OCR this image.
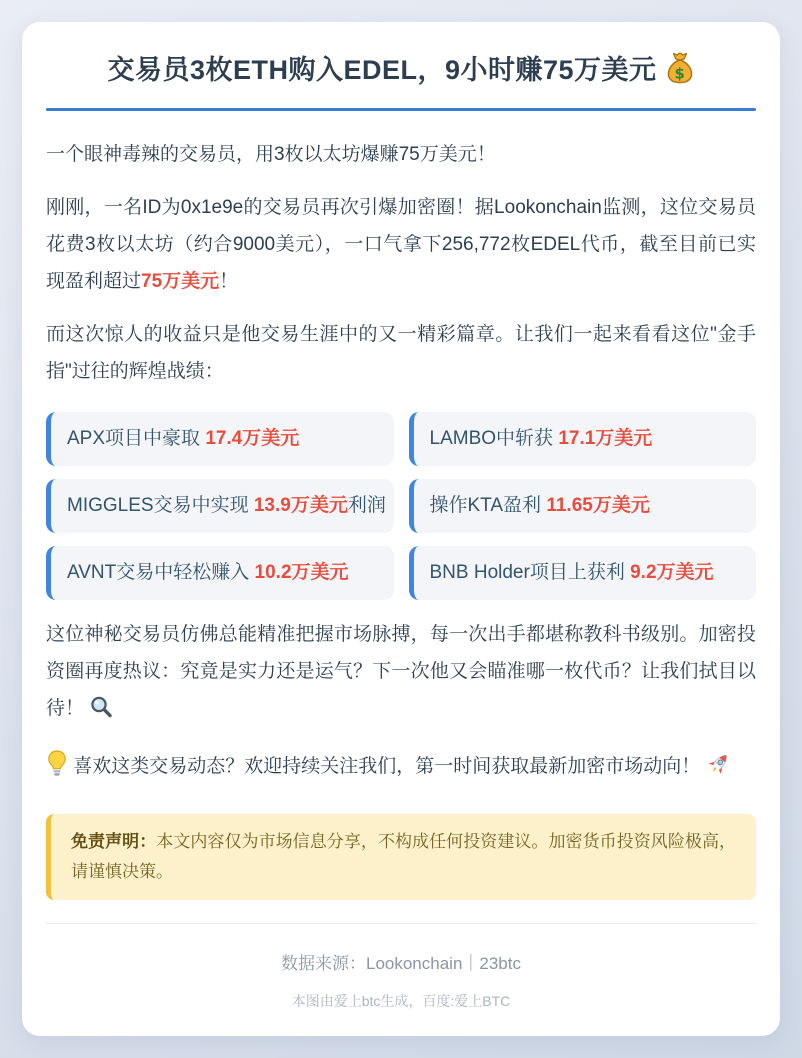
交易员3枚ETH购入EDEL，9小时赚75万美元 $

一个眼神毒辣的交易员，用3枚以太坊爆赚75万美元！

刚刚，一名ID为0x1e9e的交易员再次引爆加密圈！据Lookonchain监测，这位交易员花费3枚以太坊（约合9000美元），一口气拿下256,772枚EDEL代币，截至目前已实现盈利超过75万美元！

而这次惊人的收益只是他交易生涯中的又一精彩篇章。让我们一起来看看这位"金手指"过往的辉煌战绩：

APX项目中豪取 17.4万美元	LAMBO中斩获 17.1万美元
MIGGLES交易中实现 13.9万美元利润	操作KTA盈利 11.65万美元
AVNT交易中轻松赚入 10.2万美元	BNB Holder项目上获利 9.2万美元

这位神秘交易员仿佛总能精准把握市场脉搏，每一次出手都堪称教科书级别。加密投资圈再度热议：究竟是实力还是运气？下一次他又会瞄准哪一枚代币？让我们拭目以待！

喜欢这类交易动态？欢迎持续关注我们，第一时间获取最新加密市场动向！

免责声明：本文内容仅为市场信息分享，不构成任何投资建议。加密货币投资风险极高，请谨慎决策。
数据来源：Lookonchain｜23btc
本图由爱上btc生成，百度:爱上BTC
